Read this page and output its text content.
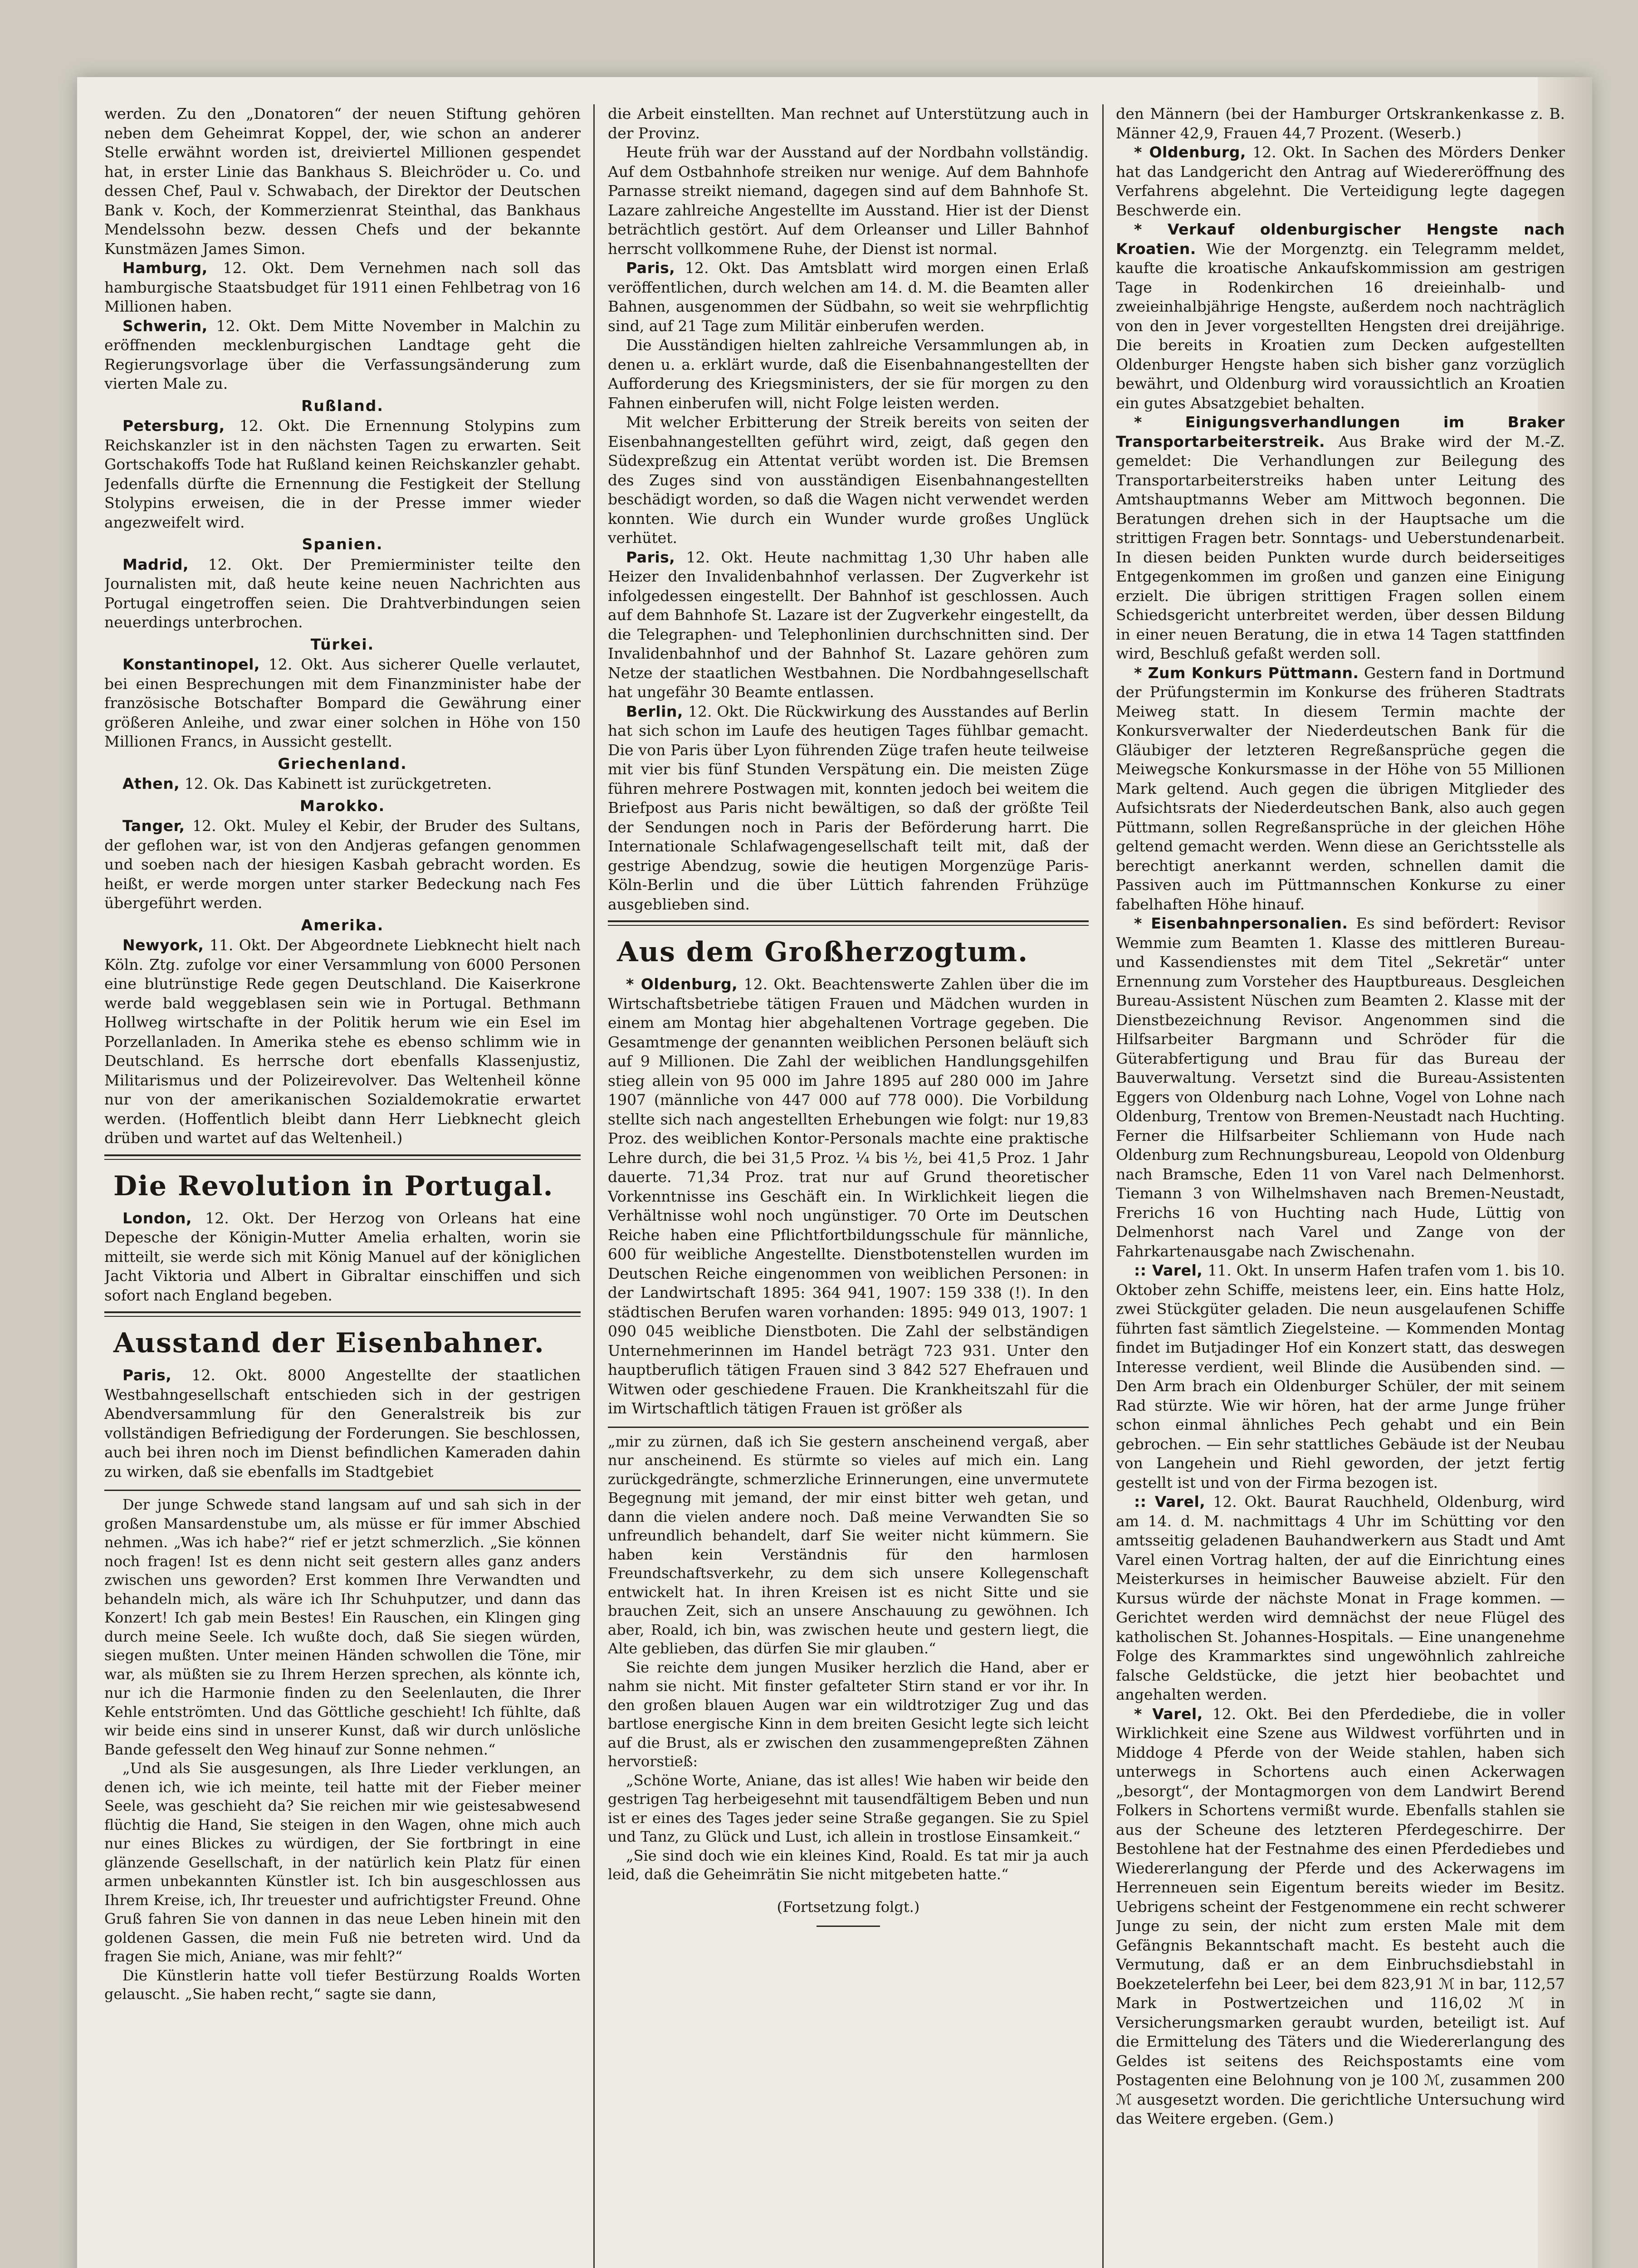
werden. Zu den „Donatoren“ der neuen Stiftung gehören neben dem Geheimrat Koppel, der, wie schon an anderer Stelle erwähnt worden ist, dreiviertel Millionen gespendet hat, in erster Linie das Bankhaus S. Bleichröder u. Co. und dessen Chef, Paul v. Schwabach, der Direktor der Deutschen Bank v. Koch, der Kommerzienrat Steinthal, das Bankhaus Mendelssohn bezw. dessen Chefs und der bekannte Kunstmäzen James Simon.

Hamburg, 12. Okt. Dem Vernehmen nach soll das hamburgische Staatsbudget für 1911 einen Fehlbetrag von 16 Millionen haben.

Schwerin, 12. Okt. Dem Mitte November in Malchin zu eröffnenden mecklenburgischen Landtage geht die Regierungsvorlage über die Verfassungsänderung zum vierten Male zu.

Rußland.

Petersburg, 12. Okt. Die Ernennung Stolypins zum Reichskanzler ist in den nächsten Tagen zu erwarten. Seit Gortschakoffs Tode hat Rußland keinen Reichskanzler gehabt. Jedenfalls dürfte die Ernennung die Festigkeit der Stellung Stolypins erweisen, die in der Presse immer wieder angezweifelt wird.

Spanien.

Madrid, 12. Okt. Der Premierminister teilte den Journalisten mit, daß heute keine neuen Nachrichten aus Portugal eingetroffen seien. Die Drahtverbindungen seien neuerdings unterbrochen.

Türkei.

Konstantinopel, 12. Okt. Aus sicherer Quelle verlautet, bei einen Besprechungen mit dem Finanzminister habe der französische Botschafter Bompard die Gewährung einer größeren Anleihe, und zwar einer solchen in Höhe von 150 Millionen Francs, in Aussicht gestellt.

Griechenland.

Athen, 12. Ok. Das Kabinett ist zurückgetreten.

Marokko.

Tanger, 12. Okt. Muley el Kebir, der Bruder des Sultans, der geflohen war, ist von den Andjeras gefangen genommen und soeben nach der hiesigen Kasbah gebracht worden. Es heißt, er werde morgen unter starker Bedeckung nach Fes übergeführt werden.

Amerika.

Newyork, 11. Okt. Der Abgeordnete Liebknecht hielt nach Köln. Ztg. zufolge vor einer Versammlung von 6000 Personen eine blutrünstige Rede gegen Deutschland. Die Kaiserkrone werde bald weggeblasen sein wie in Portugal. Bethmann Hollweg wirtschafte in der Politik herum wie ein Esel im Porzellanladen. In Amerika stehe es ebenso schlimm wie in Deutschland. Es herrsche dort ebenfalls Klassenjustiz, Militarismus und der Polizeirevolver. Das Weltenheil könne nur von der amerikanischen Sozialdemokratie erwartet werden. (Hoffentlich bleibt dann Herr Liebknecht gleich drüben und wartet auf das Weltenheil.)

Die Revolution in Portugal.

London, 12. Okt. Der Herzog von Orleans hat eine Depesche der Königin-Mutter Amelia erhalten, worin sie mitteilt, sie werde sich mit König Manuel auf der königlichen Jacht Viktoria und Albert in Gibraltar einschiffen und sich sofort nach England begeben.

Ausstand der Eisenbahner.

Paris, 12. Okt. 8000 Angestellte der staatlichen Westbahngesellschaft entschieden sich in der gestrigen Abendversammlung für den Generalstreik bis zur vollständigen Befriedigung der Forderungen. Sie beschlossen, auch bei ihren noch im Dienst befindlichen Kameraden dahin zu wirken, daß sie ebenfalls im Stadtgebiet

Der junge Schwede stand langsam auf und sah sich in der großen Mansardenstube um, als müsse er für immer Abschied nehmen. „Was ich habe?“ rief er jetzt schmerzlich. „Sie können noch fragen! Ist es denn nicht seit gestern alles ganz anders zwischen uns geworden? Erst kommen Ihre Verwandten und behandeln mich, als wäre ich Ihr Schuhputzer, und dann das Konzert! Ich gab mein Bestes! Ein Rauschen, ein Klingen ging durch meine Seele. Ich wußte doch, daß Sie siegen würden, siegen mußten. Unter meinen Händen schwollen die Töne, mir war, als müßten sie zu Ihrem Herzen sprechen, als könnte ich, nur ich die Harmonie finden zu den Seelenlauten, die Ihrer Kehle entströmten. Und das Göttliche geschieht! Ich fühlte, daß wir beide eins sind in unserer Kunst, daß wir durch unlösliche Bande gefesselt den Weg hinauf zur Sonne nehmen.“

„Und als Sie ausgesungen, als Ihre Lieder verklungen, an denen ich, wie ich meinte, teil hatte mit der Fieber meiner Seele, was geschieht da? Sie reichen mir wie geistesabwesend flüchtig die Hand, Sie steigen in den Wagen, ohne mich auch nur eines Blickes zu würdigen, der Sie fortbringt in eine glänzende Gesellschaft, in der natürlich kein Platz für einen armen unbekannten Künstler ist. Ich bin ausgeschlossen aus Ihrem Kreise, ich, Ihr treuester und aufrichtigster Freund. Ohne Gruß fahren Sie von dannen in das neue Leben hinein mit den goldenen Gassen, die mein Fuß nie betreten wird. Und da fragen Sie mich, Aniane, was mir fehlt?“

Die Künstlerin hatte voll tiefer Bestürzung Roalds Worten gelauscht. „Sie haben recht,“ sagte sie dann,

die Arbeit einstellten. Man rechnet auf Unterstützung auch in der Provinz.

Heute früh war der Ausstand auf der Nordbahn vollständig. Auf dem Ostbahnhofe streiken nur wenige. Auf dem Bahnhofe Parnasse streikt niemand, dagegen sind auf dem Bahnhofe St. Lazare zahlreiche Angestellte im Ausstand. Hier ist der Dienst beträchtlich gestört. Auf dem Orleanser und Liller Bahnhof herrscht vollkommene Ruhe, der Dienst ist normal.

Paris, 12. Okt. Das Amtsblatt wird morgen einen Erlaß veröffentlichen, durch welchen am 14. d. M. die Beamten aller Bahnen, ausgenommen der Südbahn, so weit sie wehrpflichtig sind, auf 21 Tage zum Militär einberufen werden.

Die Ausständigen hielten zahlreiche Versammlungen ab, in denen u. a. erklärt wurde, daß die Eisenbahnangestellten der Aufforderung des Kriegsministers, der sie für morgen zu den Fahnen einberufen will, nicht Folge leisten werden.

Mit welcher Erbitterung der Streik bereits von seiten der Eisenbahnangestellten geführt wird, zeigt, daß gegen den Südexpreßzug ein Attentat verübt worden ist. Die Bremsen des Zuges sind von ausständigen Eisenbahnangestellten beschädigt worden, so daß die Wagen nicht verwendet werden konnten. Wie durch ein Wunder wurde großes Unglück verhütet.

Paris, 12. Okt. Heute nachmittag 1,30 Uhr haben alle Heizer den Invalidenbahnhof verlassen. Der Zugverkehr ist infolgedessen eingestellt. Der Bahnhof ist geschlossen. Auch auf dem Bahnhofe St. Lazare ist der Zugverkehr eingestellt, da die Telegraphen- und Telephonlinien durchschnitten sind. Der Invalidenbahnhof und der Bahnhof St. Lazare gehören zum Netze der staatlichen Westbahnen. Die Nordbahngesellschaft hat ungefähr 30 Beamte entlassen.

Berlin, 12. Okt. Die Rückwirkung des Ausstandes auf Berlin hat sich schon im Laufe des heutigen Tages fühlbar gemacht. Die von Paris über Lyon führenden Züge trafen heute teilweise mit vier bis fünf Stunden Verspätung ein. Die meisten Züge führen mehrere Postwagen mit, konnten jedoch bei weitem die Briefpost aus Paris nicht bewältigen, so daß der größte Teil der Sendungen noch in Paris der Beförderung harrt. Die Internationale Schlafwagengesellschaft teilt mit, daß der gestrige Abendzug, sowie die heutigen Morgenzüge Paris-Köln-Berlin und die über Lüttich fahrenden Frühzüge ausgeblieben sind.

Aus dem Großherzogtum.

* Oldenburg, 12. Okt. Beachtenswerte Zahlen über die im Wirtschaftsbetriebe tätigen Frauen und Mädchen wurden in einem am Montag hier abgehaltenen Vortrage gegeben. Die Gesamtmenge der genannten weiblichen Personen beläuft sich auf 9 Millionen. Die Zahl der weiblichen Handlungsgehilfen stieg allein von 95 000 im Jahre 1895 auf 280 000 im Jahre 1907 (männliche von 447 000 auf 778 000). Die Vorbildung stellte sich nach angestellten Erhebungen wie folgt: nur 19,83 Proz. des weiblichen Kontor-Personals machte eine praktische Lehre durch, die bei 31,5 Proz. ¼ bis ½, bei 41,5 Proz. 1 Jahr dauerte. 71,34 Proz. trat nur auf Grund theoretischer Vorkenntnisse ins Geschäft ein. In Wirklichkeit liegen die Verhältnisse wohl noch ungünstiger. 70 Orte im Deutschen Reiche haben eine Pflichtfortbildungsschule für männliche, 600 für weibliche Angestellte. Dienstbotenstellen wurden im Deutschen Reiche eingenommen von weiblichen Personen: in der Landwirtschaft 1895: 364 941, 1907: 159 338 (!). In den städtischen Berufen waren vorhanden: 1895: 949 013, 1907: 1 090 045 weibliche Dienstboten. Die Zahl der selbständigen Unternehmerinnen im Handel beträgt 723 931. Unter den hauptberuflich tätigen Frauen sind 3 842 527 Ehefrauen und Witwen oder geschiedene Frauen. Die Krankheitszahl für die im Wirtschaftlich tätigen Frauen ist größer als

„mir zu zürnen, daß ich Sie gestern anscheinend vergaß, aber nur anscheinend. Es stürmte so vieles auf mich ein. Lang zurückgedrängte, schmerzliche Erinnerungen, eine unvermutete Begegnung mit jemand, der mir einst bitter weh getan, und dann die vielen andere noch. Daß meine Verwandten Sie so unfreundlich behandelt, darf Sie weiter nicht kümmern. Sie haben kein Verständnis für den harmlosen Freundschaftsverkehr, zu dem sich unsere Kollegenschaft entwickelt hat. In ihren Kreisen ist es nicht Sitte und sie brauchen Zeit, sich an unsere Anschauung zu gewöhnen. Ich aber, Roald, ich bin, was zwischen heute und gestern liegt, die Alte geblieben, das dürfen Sie mir glauben.“

Sie reichte dem jungen Musiker herzlich die Hand, aber er nahm sie nicht. Mit finster gefalteter Stirn stand er vor ihr. In den großen blauen Augen war ein wildtrotziger Zug und das bartlose energische Kinn in dem breiten Gesicht legte sich leicht auf die Brust, als er zwischen den zusammengepreßten Zähnen hervorstieß:

„Schöne Worte, Aniane, das ist alles! Wie haben wir beide den gestrigen Tag herbeigesehnt mit tausendfältigem Beben und nun ist er eines des Tages jeder seine Straße gegangen. Sie zu Spiel und Tanz, zu Glück und Lust, ich allein in trostlose Einsamkeit.“

„Sie sind doch wie ein kleines Kind, Roald. Es tat mir ja auch leid, daß die Geheimrätin Sie nicht mitgebeten hatte.“

(Fortsetzung folgt.)

den Männern (bei der Hamburger Ortskrankenkasse z. B. Männer 42,9, Frauen 44,7 Prozent. (Weserb.)

* Oldenburg, 12. Okt. In Sachen des Mörders Denker hat das Landgericht den Antrag auf Wiedereröffnung des Verfahrens abgelehnt. Die Verteidigung legte dagegen Beschwerde ein.

* Verkauf oldenburgischer Hengste nach Kroatien. Wie der Morgenztg. ein Telegramm meldet, kaufte die kroatische Ankaufskommission am gestrigen Tage in Rodenkirchen 16 dreieinhalb- und zweieinhalbjährige Hengste, außerdem noch nachträglich von den in Jever vorgestellten Hengsten drei dreijährige. Die bereits in Kroatien zum Decken aufgestellten Oldenburger Hengste haben sich bisher ganz vorzüglich bewährt, und Oldenburg wird voraussichtlich an Kroatien ein gutes Absatzgebiet behalten.

* Einigungsverhandlungen im Braker Transportarbeiterstreik. Aus Brake wird der M.-Z. gemeldet: Die Verhandlungen zur Beilegung des Transportarbeiterstreiks haben unter Leitung des Amtshauptmanns Weber am Mittwoch begonnen. Die Beratungen drehen sich in der Hauptsache um die strittigen Fragen betr. Sonntags- und Ueberstundenarbeit. In diesen beiden Punkten wurde durch beiderseitiges Entgegenkommen im großen und ganzen eine Einigung erzielt. Die übrigen strittigen Fragen sollen einem Schiedsgericht unterbreitet werden, über dessen Bildung in einer neuen Beratung, die in etwa 14 Tagen stattfinden wird, Beschluß gefaßt werden soll.

* Zum Konkurs Püttmann. Gestern fand in Dortmund der Prüfungstermin im Konkurse des früheren Stadtrats Meiweg statt. In diesem Termin machte der Konkursverwalter der Niederdeutschen Bank für die Gläubiger der letzteren Regreßansprüche gegen die Meiwegsche Konkursmasse in der Höhe von 55 Millionen Mark geltend. Auch gegen die übrigen Mitglieder des Aufsichtsrats der Niederdeutschen Bank, also auch gegen Püttmann, sollen Regreßansprüche in der gleichen Höhe geltend gemacht werden. Wenn diese an Gerichtsstelle als berechtigt anerkannt werden, schnellen damit die Passiven auch im Püttmannschen Konkurse zu einer fabelhaften Höhe hinauf.

* Eisenbahnpersonalien. Es sind befördert: Revisor Wemmie zum Beamten 1. Klasse des mittleren Bureau- und Kassendienstes mit dem Titel „Sekretär“ unter Ernennung zum Vorsteher des Hauptbureaus. Desgleichen Bureau-Assistent Nüschen zum Beamten 2. Klasse mit der Dienstbezeichnung Revisor. Angenommen sind die Hilfsarbeiter Bargmann und Schröder für die Güterabfertigung und Brau für das Bureau der Bauverwaltung. Versetzt sind die Bureau-Assistenten Eggers von Oldenburg nach Lohne, Vogel von Lohne nach Oldenburg, Trentow von Bremen-Neustadt nach Huchting. Ferner die Hilfsarbeiter Schliemann von Hude nach Oldenburg zum Rechnungsbureau, Leopold von Oldenburg nach Bramsche, Eden 11 von Varel nach Delmenhorst. Tiemann 3 von Wilhelmshaven nach Bremen-Neustadt, Frerichs 16 von Huchting nach Hude, Lüttig von Delmenhorst nach Varel und Zange von der Fahrkartenausgabe nach Zwischenahn.

:: Varel, 11. Okt. In unserm Hafen trafen vom 1. bis 10. Oktober zehn Schiffe, meistens leer, ein. Eins hatte Holz, zwei Stückgüter geladen. Die neun ausgelaufenen Schiffe führten fast sämtlich Ziegelsteine. — Kommenden Montag findet im Butjadinger Hof ein Konzert statt, das deswegen Interesse verdient, weil Blinde die Ausübenden sind. — Den Arm brach ein Oldenburger Schüler, der mit seinem Rad stürzte. Wie wir hören, hat der arme Junge früher schon einmal ähnliches Pech gehabt und ein Bein gebrochen. — Ein sehr stattliches Gebäude ist der Neubau von Langehein und Riehl geworden, der jetzt fertig gestellt ist und von der Firma bezogen ist.

:: Varel, 12. Okt. Baurat Rauchheld, Oldenburg, wird am 14. d. M. nachmittags 4 Uhr im Schütting vor den amtsseitig geladenen Bauhandwerkern aus Stadt und Amt Varel einen Vortrag halten, der auf die Einrichtung eines Meisterkurses in heimischer Bauweise abzielt. Für den Kursus würde der nächste Monat in Frage kommen. — Gerichtet werden wird demnächst der neue Flügel des katholischen St. Johannes-Hospitals. — Eine unangenehme Folge des Krammarktes sind ungewöhnlich zahlreiche falsche Geldstücke, die jetzt hier beobachtet und angehalten werden.

* Varel, 12. Okt. Bei den Pferdediebe, die in voller Wirklichkeit eine Szene aus Wildwest vorführten und in Middoge 4 Pferde von der Weide stahlen, haben sich unterwegs in Schortens auch einen Ackerwagen „besorgt“, der Montagmorgen von dem Landwirt Berend Folkers in Schortens vermißt wurde. Ebenfalls stahlen sie aus der Scheune des letzteren Pferdegeschirre. Der Bestohlene hat der Festnahme des einen Pferdediebes und Wiedererlangung der Pferde und des Ackerwagens im Herrenneuen sein Eigentum bereits wieder im Besitz. Uebrigens scheint der Festgenommene ein recht schwerer Junge zu sein, der nicht zum ersten Male mit dem Gefängnis Bekanntschaft macht. Es besteht auch die Vermutung, daß er an dem Einbruchsdiebstahl in Boekzetelerfehn bei Leer, bei dem 823,91 ℳ in bar, 112,57 Mark in Postwertzeichen und 116,02 ℳ in Versicherungsmarken geraubt wurden, beteiligt ist. Auf die Ermittelung des Täters und die Wiedererlangung des Geldes ist seitens des Reichspostamts eine vom Postagenten eine Belohnung von je 100 ℳ, zusammen 200 ℳ ausgesetzt worden. Die gerichtliche Untersuchung wird das Weitere ergeben. (Gem.)
